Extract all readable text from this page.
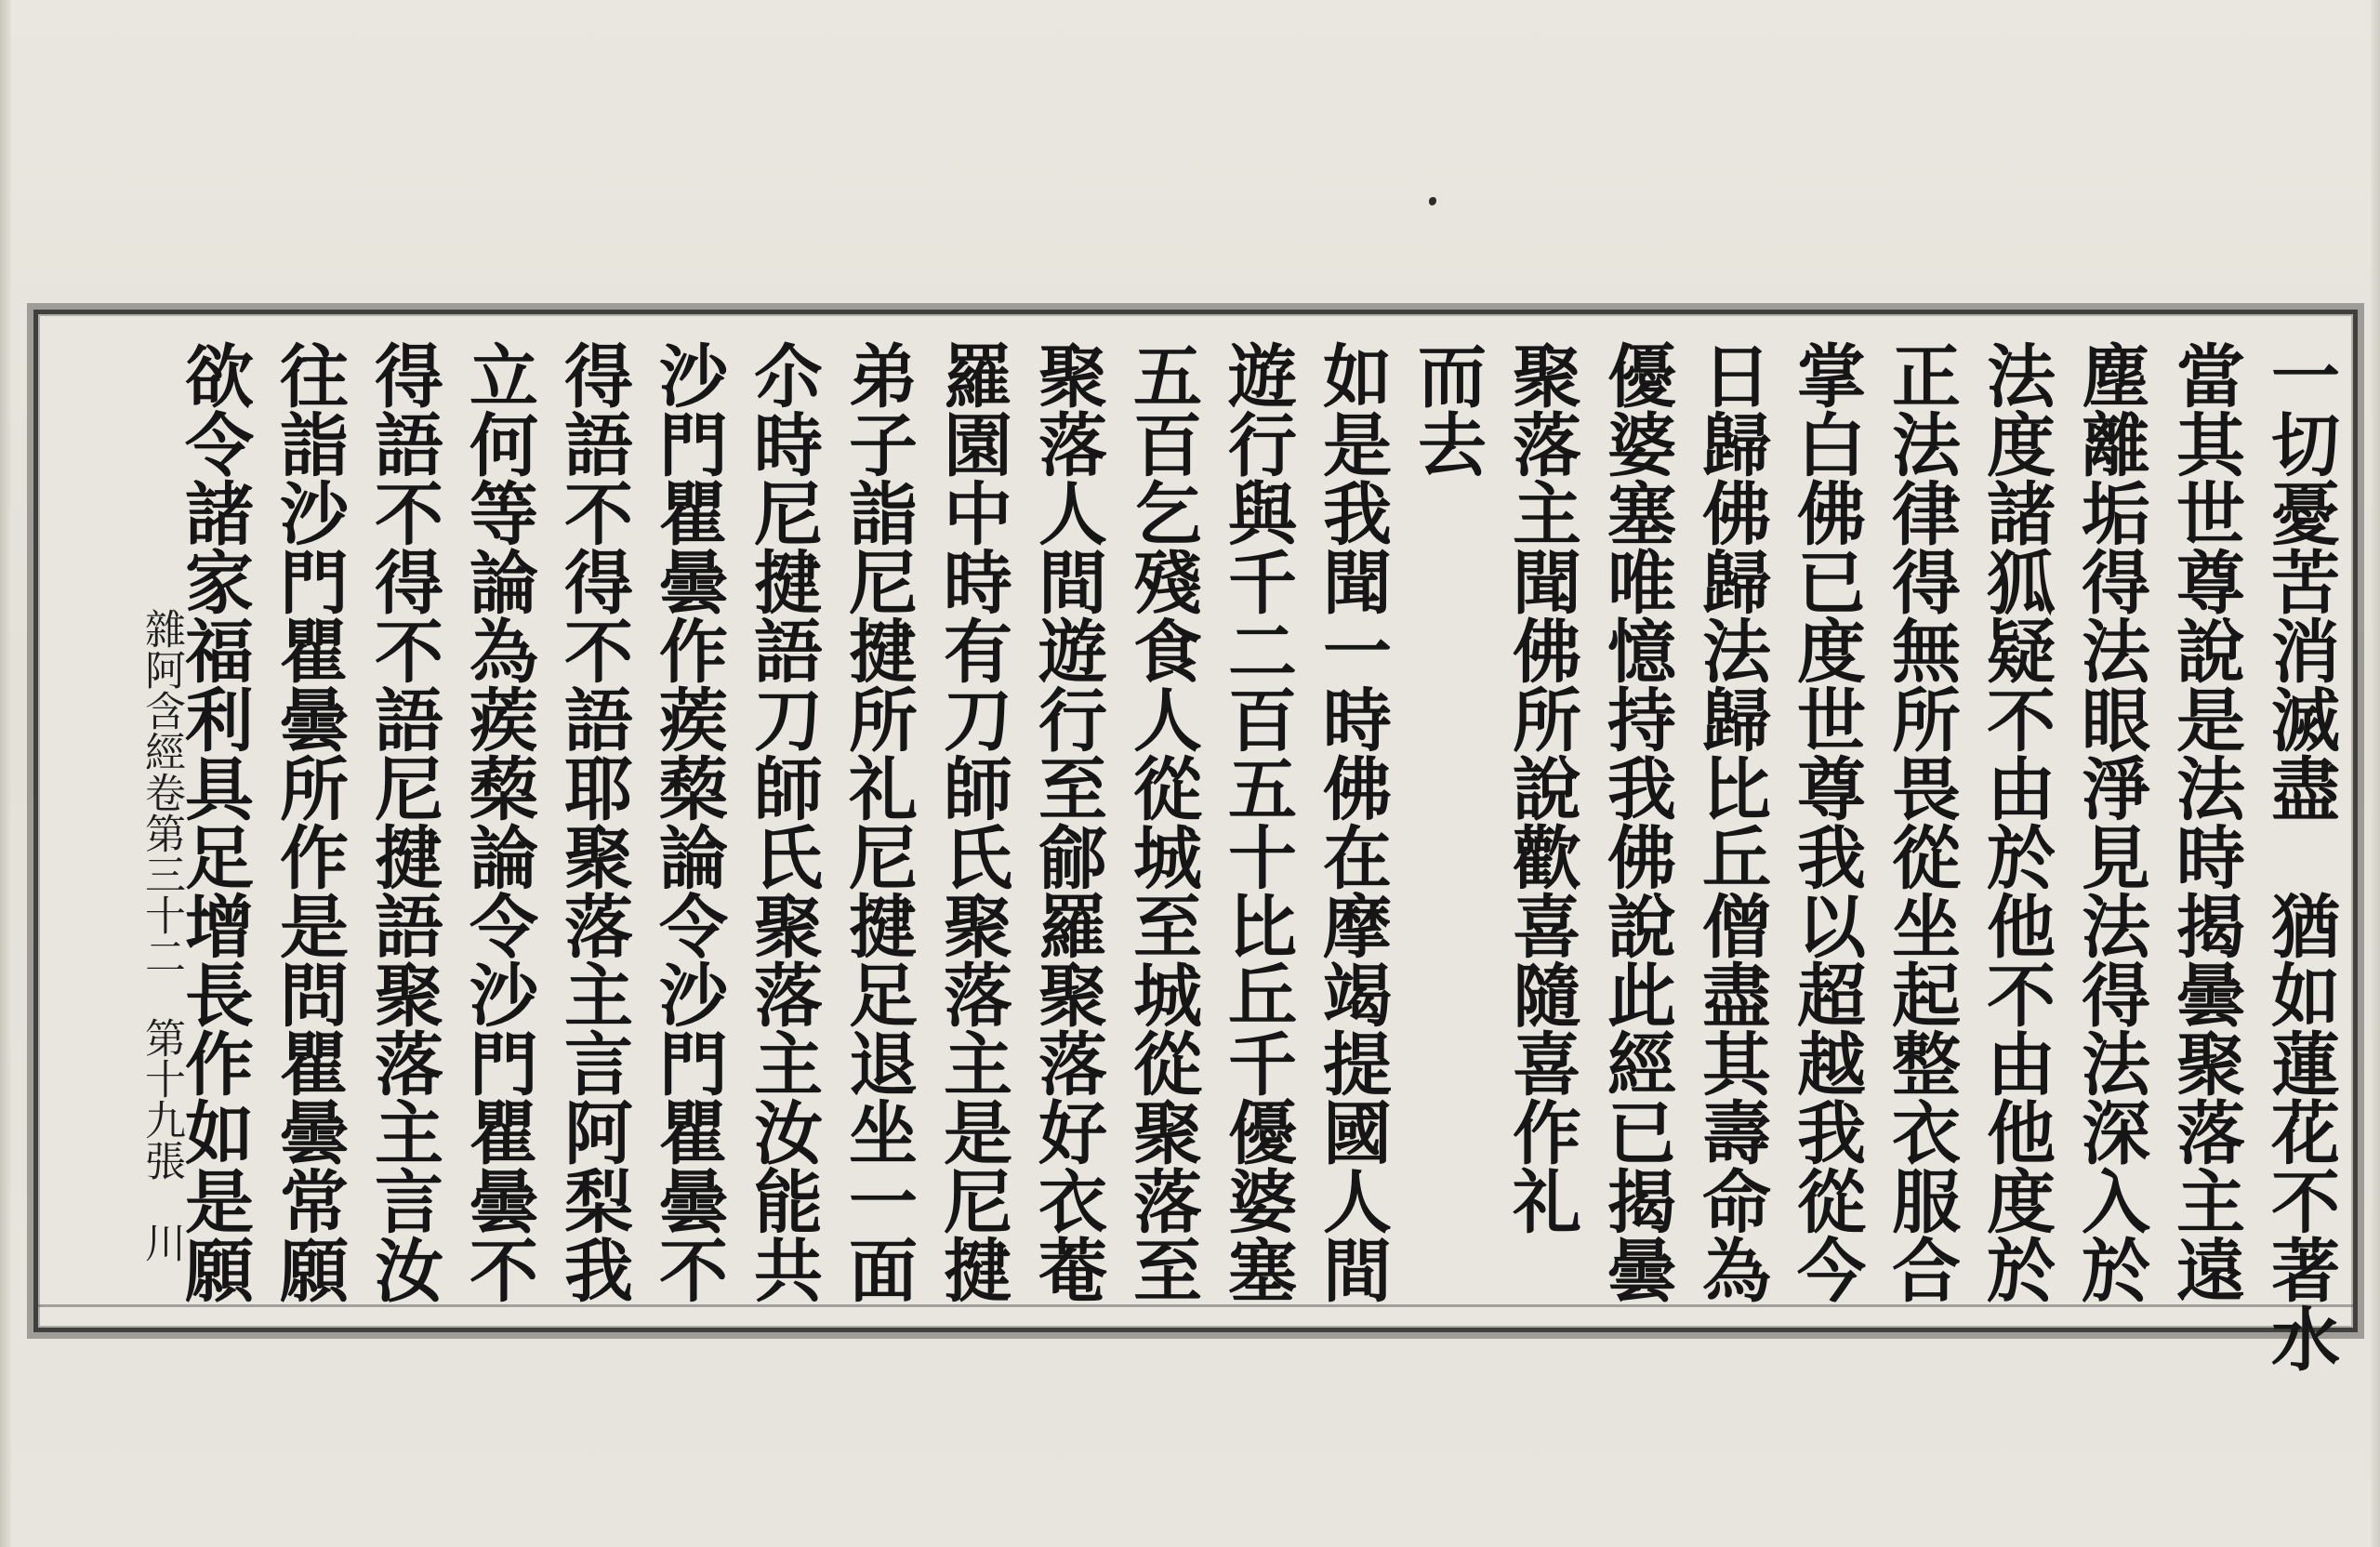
一切憂苦消滅盡　猶如蓮花不著水
當其世尊說是法時揭曇聚落主遠
塵離垢得法眼淨見法得法深入於
法度諸狐疑不由於他不由他度於
正法律得無所畏從坐起整衣服合
掌白佛已度世尊我以超越我從今
日歸佛歸法歸比丘僧盡其壽命為
優婆塞唯憶持我佛說此經已揭曇
聚落主聞佛所說歡喜隨喜作礼
而去
如是我聞一時佛在摩竭提國人間
遊行與千二百五十比丘千優婆塞
五百乞殘食人從城至城從聚落至
聚落人間遊行至鄃羅聚落好衣菴
羅園中時有刀師氏聚落主是尼揵
弟子詣尼揵所礼尼揵足退坐一面
尒時尼揵語刀師氏聚落主汝能共
沙門瞿曇作蒺蔾論令沙門瞿曇不
得語不得不語耶聚落主言阿梨我
立何等論為蒺蔾論令沙門瞿曇不
得語不得不語尼揵語聚落主言汝
往詣沙門瞿曇所作是問瞿曇常願
欲令諸家福利具足增長作如是願
雜阿含經卷第三十二　第十九張　川
